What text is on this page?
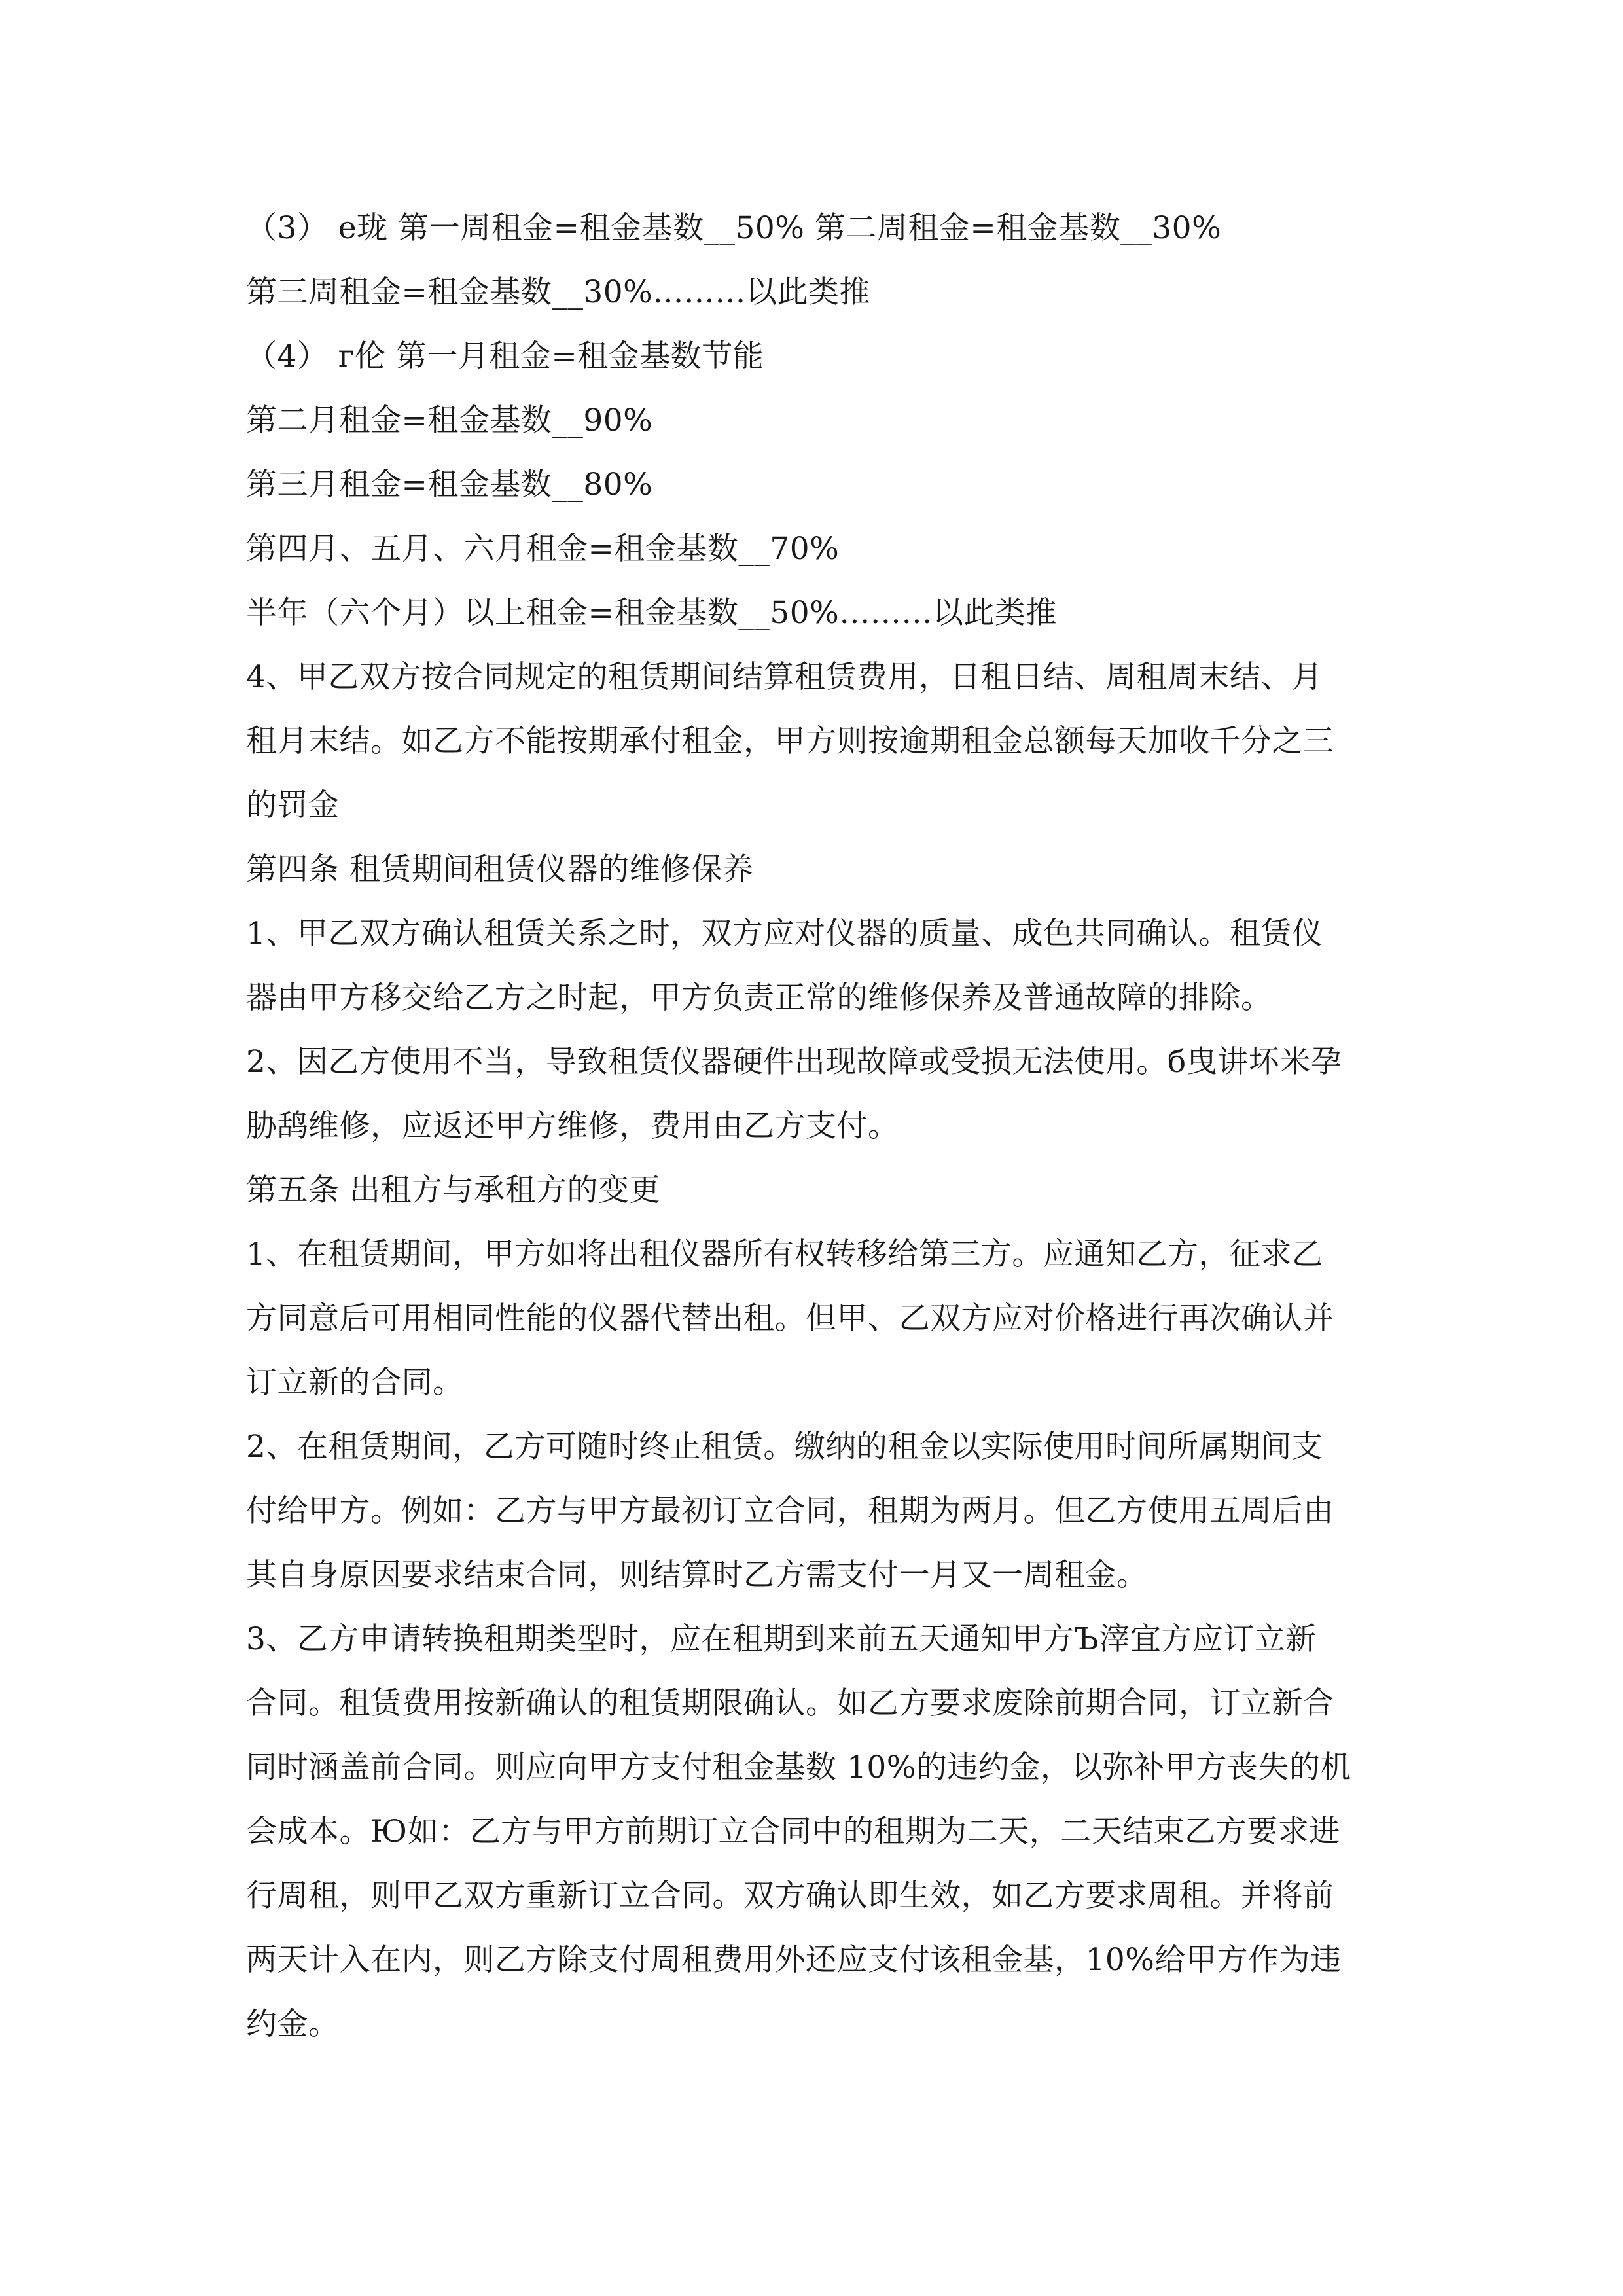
（3） е珑 第一周租金=租金基数__50% 第二周租金=租金基数__30%

第三周租金=租金基数__30%………以此类推

（4） г伦 第一月租金=租金基数节能

第二月租金=租金基数__90%

第三月租金=租金基数__80%

第四月、五月、六月租金=租金基数__70%

半年（六个月）以上租金=租金基数__50%………以此类推

4、甲乙双方按合同规定的租赁期间结算租赁费用，日租日结、周租周末结、月

租月末结。如乙方不能按期承付租金，甲方则按逾期租金总额每天加收千分之三

的罚金

第四条 租赁期间租赁仪器的维修保养

1、甲乙双方确认租赁关系之时，双方应对仪器的质量、成色共同确认。租赁仪

器由甲方移交给乙方之时起，甲方负责正常的维修保养及普通故障的排除。

2、因乙方使用不当，导致租赁仪器硬件出现故障或受损无法使用。б曳讲坏米孕

胁鸹维修，应返还甲方维修，费用由乙方支付。

第五条 出租方与承租方的变更

1、在租赁期间，甲方如将出租仪器所有权转移给第三方。应通知乙方，征求乙

方同意后可用相同性能的仪器代替出租。但甲、乙双方应对价格进行再次确认并

订立新的合同。

2、在租赁期间，乙方可随时终止租赁。缴纳的租金以实际使用时间所属期间支

付给甲方。例如：乙方与甲方最初订立合同，租期为两月。但乙方使用五周后由

其自身原因要求结束合同，则结算时乙方需支付一月又一周租金。

3、乙方申请转换租期类型时，应在租期到来前五天通知甲方Ъ滓宜方应订立新

合同。租赁费用按新确认的租赁期限确认。如乙方要求废除前期合同，订立新合

同时涵盖前合同。则应向甲方支付租金基数 10%的违约金，以弥补甲方丧失的机

会成本。Ю如：乙方与甲方前期订立合同中的租期为二天，二天结束乙方要求进

行周租，则甲乙双方重新订立合同。双方确认即生效，如乙方要求周租。并将前

两天计入在内，则乙方除支付周租费用外还应支付该租金基，10%给甲方作为违

约金。
